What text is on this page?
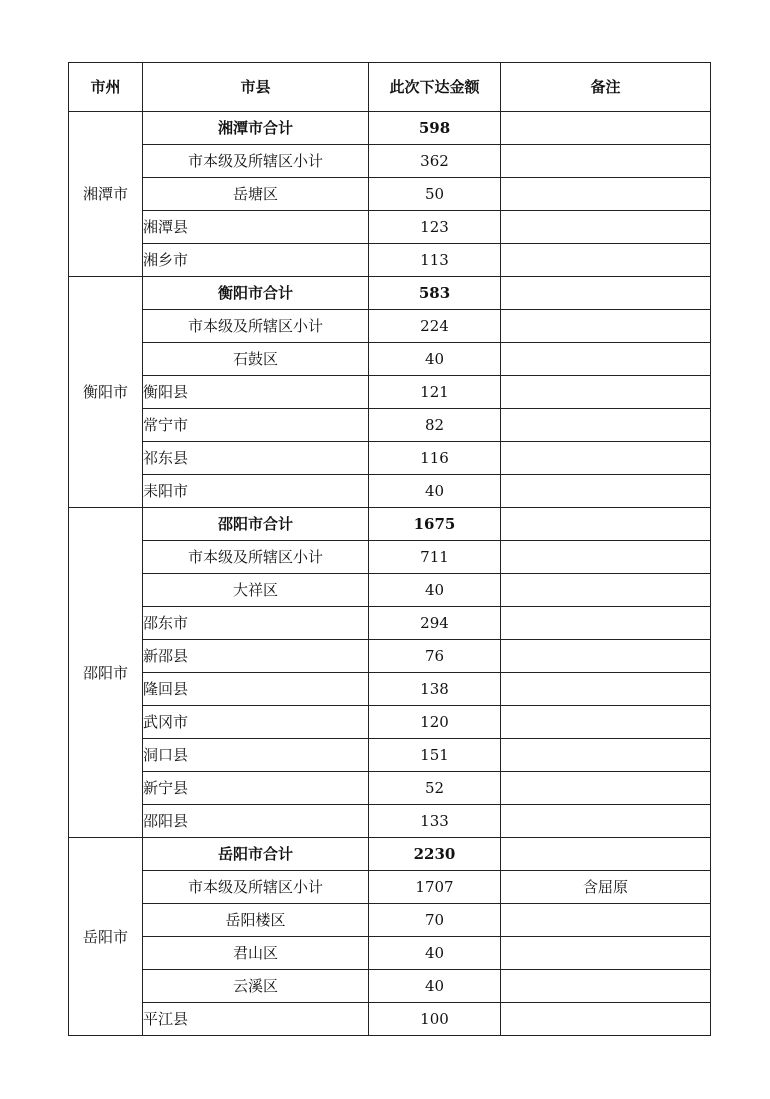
市州	市县	此次下达金额	备注
湘潭市	湘潭市合计	598	
	市本级及所辖区小计	362	
	岳塘区	50	
	湘潭县	123	
	湘乡市	113	
衡阳市	衡阳市合计	583	
	市本级及所辖区小计	224	
	石鼓区	40	
	衡阳县	121	
	常宁市	82	
	祁东县	116	
	耒阳市	40	
邵阳市	邵阳市合计	1675	
	市本级及所辖区小计	711	
	大祥区	40	
	邵东市	294	
	新邵县	76	
	隆回县	138	
	武冈市	120	
	洞口县	151	
	新宁县	52	
	邵阳县	133	
岳阳市	岳阳市合计	2230	
	市本级及所辖区小计	1707	含屈原
	岳阳楼区	70	
	君山区	40	
	云溪区	40	
	平江县	100	
